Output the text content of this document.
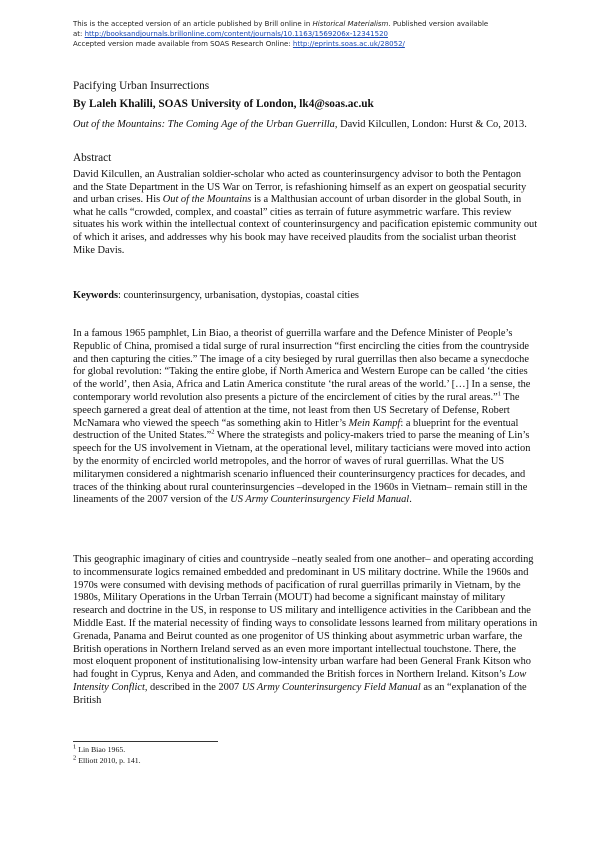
This is the accepted version of an article published by Brill online in Historical Materialism. Published version available
at: http://booksandjournals.brillonline.com/content/journals/10.1163/1569206x-12341520
Accepted version made available from SOAS Research Online: http://eprints.soas.ac.uk/28052/
Pacifying Urban Insurrections
By Laleh Khalili, SOAS University of London, lk4@soas.ac.uk
Out of the Mountains: The Coming Age of the Urban Guerrilla, David Kilcullen, London: Hurst & Co, 2013.
Abstract

David Kilcullen, an Australian soldier-scholar who acted as counterinsurgency advisor to both the Pentagon and the State Department in the US War on Terror, is refashioning himself as an expert on geospatial security and urban crises. His Out of the Mountains is a Malthusian account of urban disorder in the global South, in what he calls “crowded, complex, and coastal” cities as terrain of future asymmetric warfare. This review situates his work within the intellectual context of counterinsurgency and pacification epistemic community out of which it arises, and addresses why his book may have received plaudits from the socialist urban theorist Mike Davis.

Keywords: counterinsurgency, urbanisation, dystopias, coastal cities

In a famous 1965 pamphlet, Lin Biao, a theorist of guerrilla warfare and the Defence Minister of People’s Republic of China, promised a tidal surge of rural insurrection “first encircling the cities from the countryside and then capturing the cities.” The image of a city besieged by rural guerrillas then also became a synecdoche for global revolution: “Taking the entire globe, if North America and Western Europe can be called ‘the cities of the world’, then Asia, Africa and Latin America constitute ‘the rural areas of the world.’ […] In a sense, the contemporary world revolution also presents a picture of the encirclement of cities by the rural areas.”$^1$ The speech garnered a great deal of attention at the time, not least from then US Secretary of Defense, Robert McNamara who viewed the speech “as something akin to Hitler’s Mein Kampf: a blueprint for the eventual destruction of the United States.”$^2$ Where the strategists and policy-makers tried to parse the meaning of Lin’s speech for the US involvement in Vietnam, at the operational level, military tacticians were moved into action by the enormity of encircled world metropoles, and the horror of waves of rural guerrillas. What the US militarymen considered a nightmarish scenario influenced their counterinsurgency practices for decades, and traces of the thinking about rural counterinsurgencies –developed in the 1960s in Vietnam– remain still in the lineaments of the 2007 version of the US Army Counterinsurgency Field Manual.

This geographic imaginary of cities and countryside –neatly sealed from one another– and operating according to incommensurate logics remained embedded and predominant in US military doctrine. While the 1960s and 1970s were consumed with devising methods of pacification of rural guerrillas primarily in Vietnam, by the 1980s, Military Operations in the Urban Terrain (MOUT) had become a significant mainstay of military research and doctrine in the US, in response to US military and intelligence activities in the Caribbean and the Middle East. If the material necessity of finding ways to consolidate lessons learned from military operations in Grenada, Panama and Beirut counted as one progenitor of US thinking about asymmetric urban warfare, the British operations in Northern Ireland served as an even more important intellectual touchstone. There, the most eloquent proponent of institutionalising low-intensity urban warfare had been General Frank Kitson who had fought in Cyprus, Kenya and Aden, and commanded the British forces in Northern Ireland. Kitson’s Low Intensity Conflict, described in the 2007 US Army Counterinsurgency Field Manual as an “explanation of the British

$^1$ Lin Biao 1965.
$^2$ Elliott 2010, p. 141.
